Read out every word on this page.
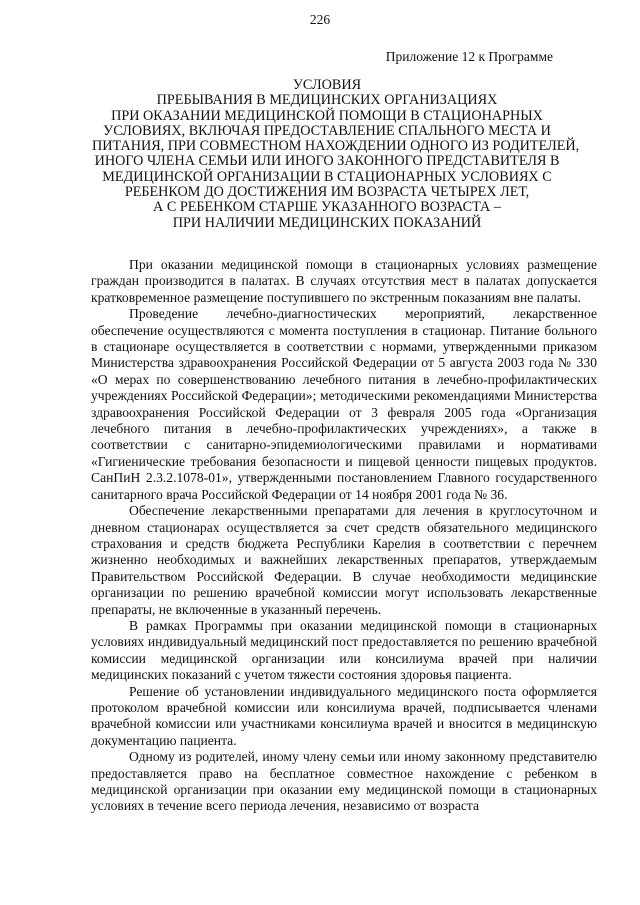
226
Приложение 12 к Программе
УСЛОВИЯ
ПРЕБЫВАНИЯ В МЕДИЦИНСКИХ ОРГАНИЗАЦИЯХ
ПРИ ОКАЗАНИИ МЕДИЦИНСКОЙ ПОМОЩИ В СТАЦИОНАРНЫХ
УСЛОВИЯХ, ВКЛЮЧАЯ ПРЕДОСТАВЛЕНИЕ СПАЛЬНОГО МЕСТА И
ПИТАНИЯ, ПРИ СОВМЕСТНОМ НАХОЖДЕНИИ ОДНОГО ИЗ РОДИТЕЛЕЙ,
ИНОГО ЧЛЕНА СЕМЬИ ИЛИ ИНОГО ЗАКОННОГО ПРЕДСТАВИТЕЛЯ В
МЕДИЦИНСКОЙ ОРГАНИЗАЦИИ В СТАЦИОНАРНЫХ УСЛОВИЯХ С
РЕБЕНКОМ ДО ДОСТИЖЕНИЯ ИМ ВОЗРАСТА ЧЕТЫРЕХ ЛЕТ,
А С РЕБЕНКОМ СТАРШЕ УКАЗАННОГО ВОЗРАСТА –
ПРИ НАЛИЧИИ МЕДИЦИНСКИХ ПОКАЗАНИЙ

При оказании медицинской помощи в стационарных условиях размещение граждан производится в палатах. В случаях отсутствия мест в палатах допускается кратковременное размещение поступившего по экстренным показаниям вне палаты.

Проведение лечебно-диагностических мероприятий, лекарственное обеспечение осуществляются с момента поступления в стационар. Питание больного в стационаре осуществляется в соответствии с нормами, утвержденными приказом Министерства здравоохранения Российской Федерации от 5 августа 2003 года № 330 «О мерах по совершенствованию лечебного питания в лечебно-профилактических учреждениях Российской Федерации»; методическими рекомендациями Министерства здравоохранения Российской Федерации от 3 февраля 2005 года «Организация лечебного питания в лечебно-профилактических учреждениях», а также в соответствии с санитарно-эпидемиологическими правилами и нормативами «Гигиенические требования безопасности и пищевой ценности пищевых продуктов. СанПиН 2.3.2.1078-01», утвержденными постановлением Главного государственного санитарного врача Российской Федерации от 14 ноября 2001 года № 36.

Обеспечение лекарственными препаратами для лечения в круглосуточном и дневном стационарах осуществляется за счет средств обязательного медицинского страхования и средств бюджета Республики Карелия в соответствии с перечнем жизненно необходимых и важнейших лекарственных препаратов, утверждаемым Правительством Российской Федерации. В случае необходимости медицинские организации по решению врачебной комиссии могут использовать лекарственные препараты, не включенные в указанный перечень.

В рамках Программы при оказании медицинской помощи в стационарных условиях индивидуальный медицинский пост предоставляется по решению врачебной комиссии медицинской организации или консилиума врачей при наличии медицинских показаний с учетом тяжести состояния здоровья пациента.

Решение об установлении индивидуального медицинского поста оформляется протоколом врачебной комиссии или консилиума врачей, подписывается членами врачебной комиссии или участниками консилиума врачей и вносится в медицинскую документацию пациента.

Одному из родителей, иному члену семьи или иному законному представителю предоставляется право на бесплатное совместное нахождение с ребенком в медицинской организации при оказании ему медицинской помощи в стационарных условиях в течение всего периода лечения, независимо от возраста
